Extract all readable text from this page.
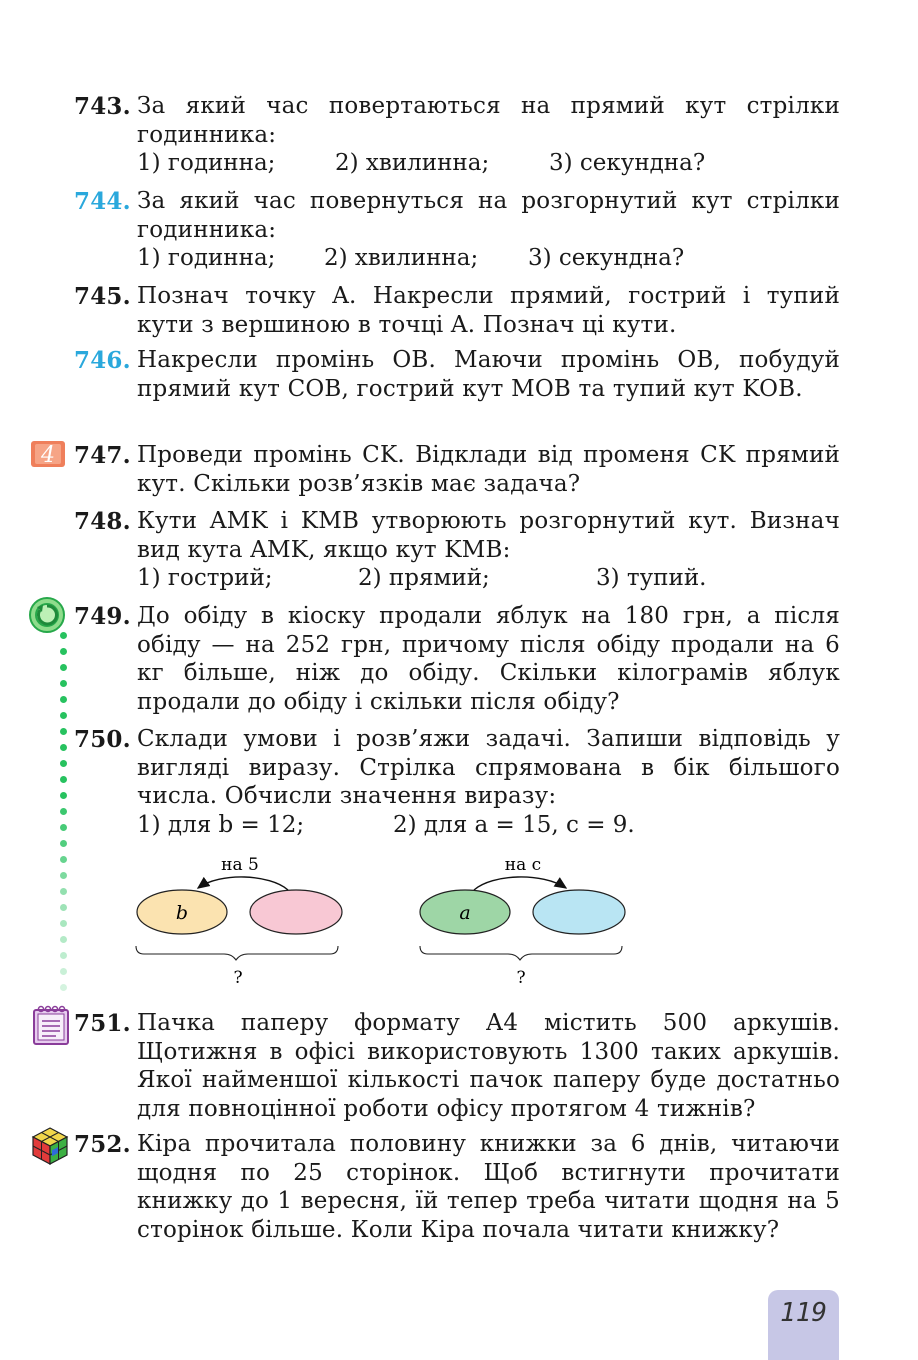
743. За який час повертаються на прямий кут стрілки годинника:
1) годинна;	2) хвилинна;	3) секундна?
744. За який час повернуться на розгорнутий кут стрілки годинника:
1) годинна;	2) хвилинна;	3) секундна?
745. Познач точку A. Накресли прямий, гострий і тупий кути з вершиною в точці A. Познач ці кути.
746. Накресли промінь OB. Маючи промінь OB, побудуй прямий кут COB, гострий кут MOB та тупий кут KOB.
4 747. Проведи промінь CK. Відклади від променя CK прямий кут. Скільки розв’язків має задача?
748. Кути AMK і KMB утворюють розгорнутий кут. Визнач вид кута AMK, якщо кут KMB:
1) гострий;	2) прямий;	3) тупий.
749. До обіду в кіоску продали яблук на 180 грн, а після обіду — на 252 грн, причому після обіду продали на 6 кг більше, ніж до обіду. Скільки кілограмів яблук продали до обіду і скільки після обіду?
750. Склади умови і розв’яжи задачі. Запиши відповідь у вигляді виразу. Стрілка спрямована в бік більшого числа. Обчисли значення виразу:
1) для b = 12;	2) для a = 15, c = 9.
b
на 5
?
a
на c
?
751. Пачка паперу формату А4 містить 500 аркушів. Щотижня в офісі використовують 1300 таких аркушів. Якої найменшої кількості пачок паперу буде достатньо для повноцінної роботи офісу протягом 4 тижнів?
752. Кіра прочитала половину книжки за 6 днів, читаючи щодня по 25 сторінок. Щоб встигнути прочитати книжку до 1 вересня, їй тепер треба читати щодня на 5 сторінок більше. Коли Кіра почала читати книжку?
119
